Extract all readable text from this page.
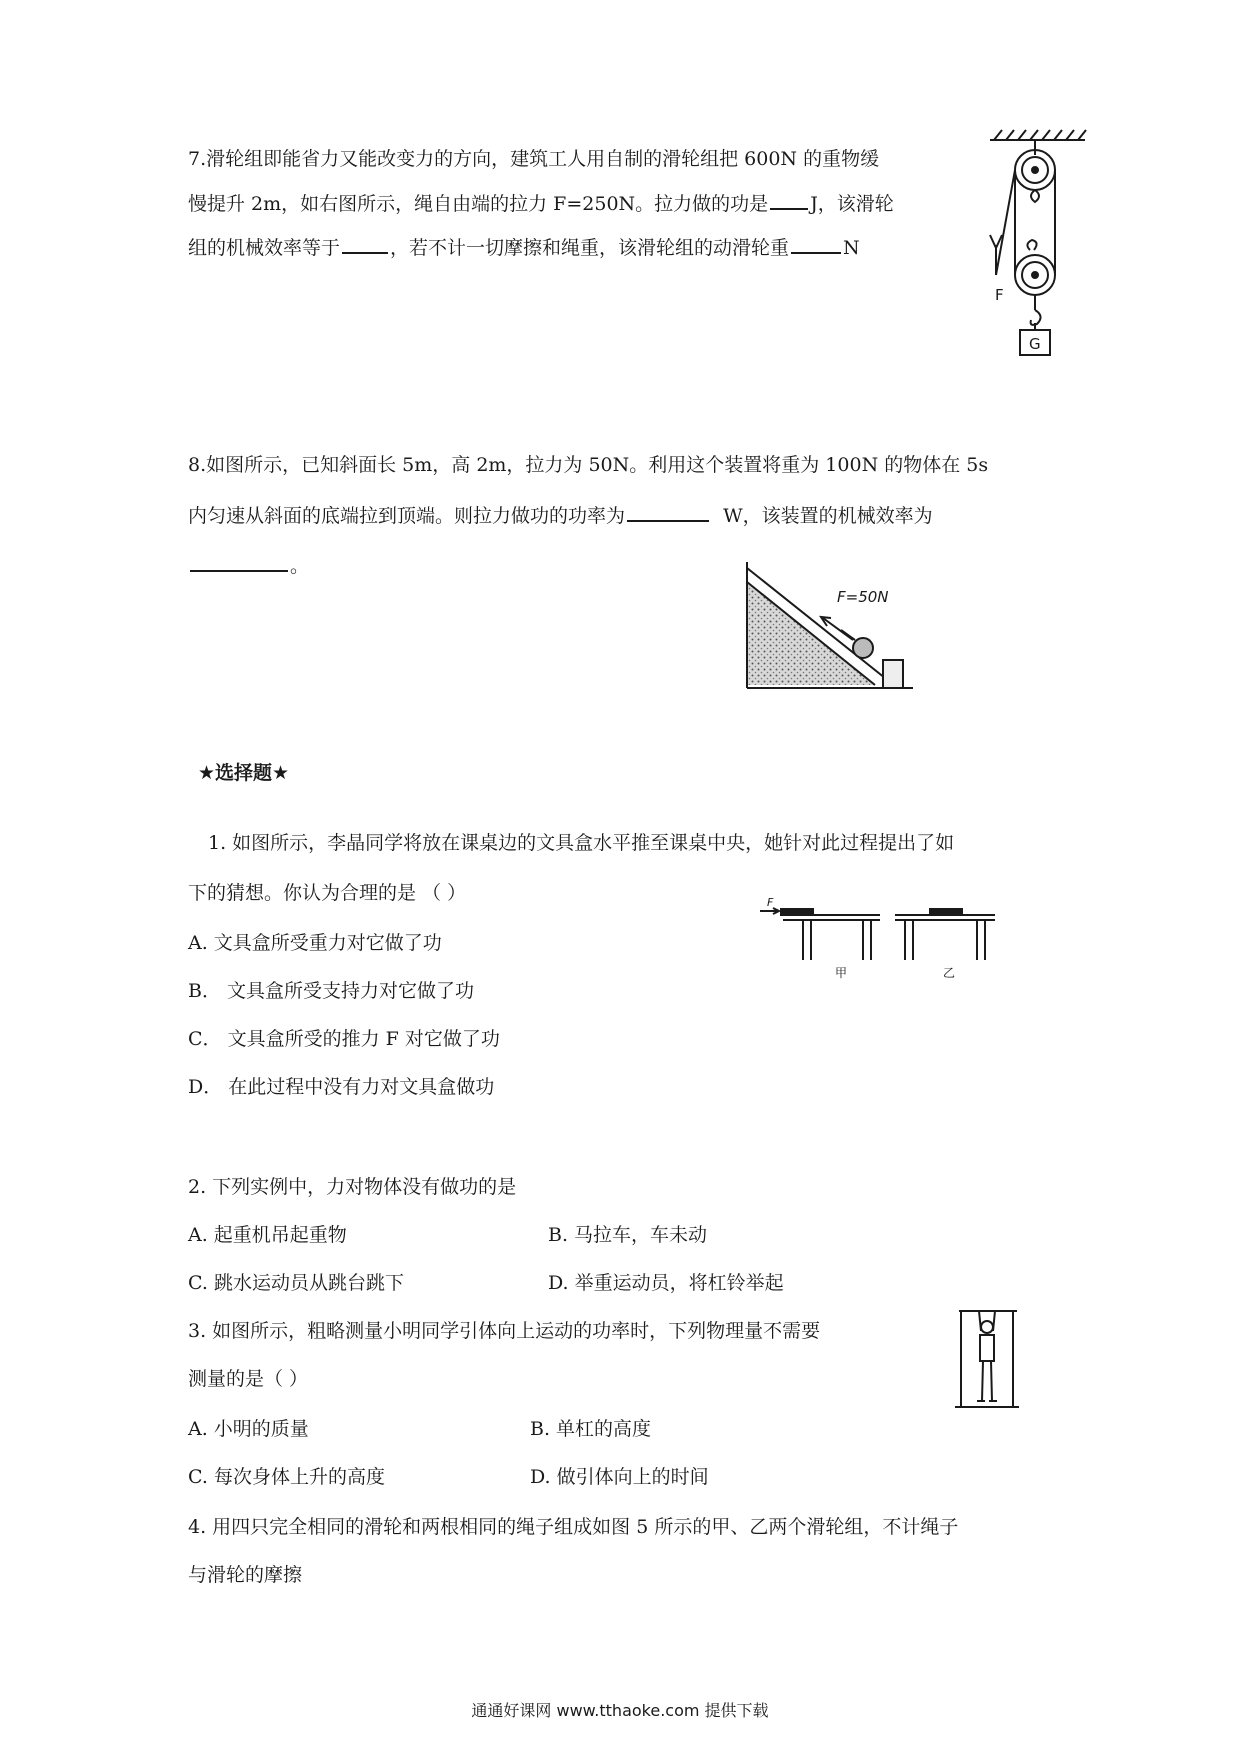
7.滑轮组即能省力又能改变力的方向，建筑工人用自制的滑轮组把 600N 的重物缓
慢提升 2m，如右图所示，绳自由端的拉力 F=250N。拉力做的功是 J，该滑轮
组的机械效率等于	，若不计一切摩擦和绳重，该滑轮组的动滑轮重	N
F
G
8.如图所示，已知斜面长 5m，高 2m，拉力为 50N。利用这个装置将重为 100N 的物体在 5s
内匀速从斜面的底端拉到顶端。则拉力做功的功率为	W，该装置的机械效率为
。
F=50N
★选择题★
1. 如图所示，李晶同学将放在课桌边的文具盒水平推至课桌中央，她针对此过程提出了如
下的猜想。你认为合理的是 （ ）
A. 文具盒所受重力对它做了功
B． 文具盒所受支持力对它做了功
C． 文具盒所受的推力 F 对它做了功
D． 在此过程中没有力对文具盒做功
F
甲	乙
2. 下列实例中，力对物体没有做功的是
A. 起重机吊起重物	B. 马拉车，车未动
C. 跳水运动员从跳台跳下	D. 举重运动员，将杠铃举起
3. 如图所示，粗略测量小明同学引体向上运动的功率时，下列物理量不需要
测量的是（ ）
A. 小明的质量	B. 单杠的高度
C. 每次身体上升的高度	D. 做引体向上的时间
4. 用四只完全相同的滑轮和两根相同的绳子组成如图 5 所示的甲、乙两个滑轮组，不计绳子
与滑轮的摩擦
通通好课网 www.tthaoke.com 提供下载
